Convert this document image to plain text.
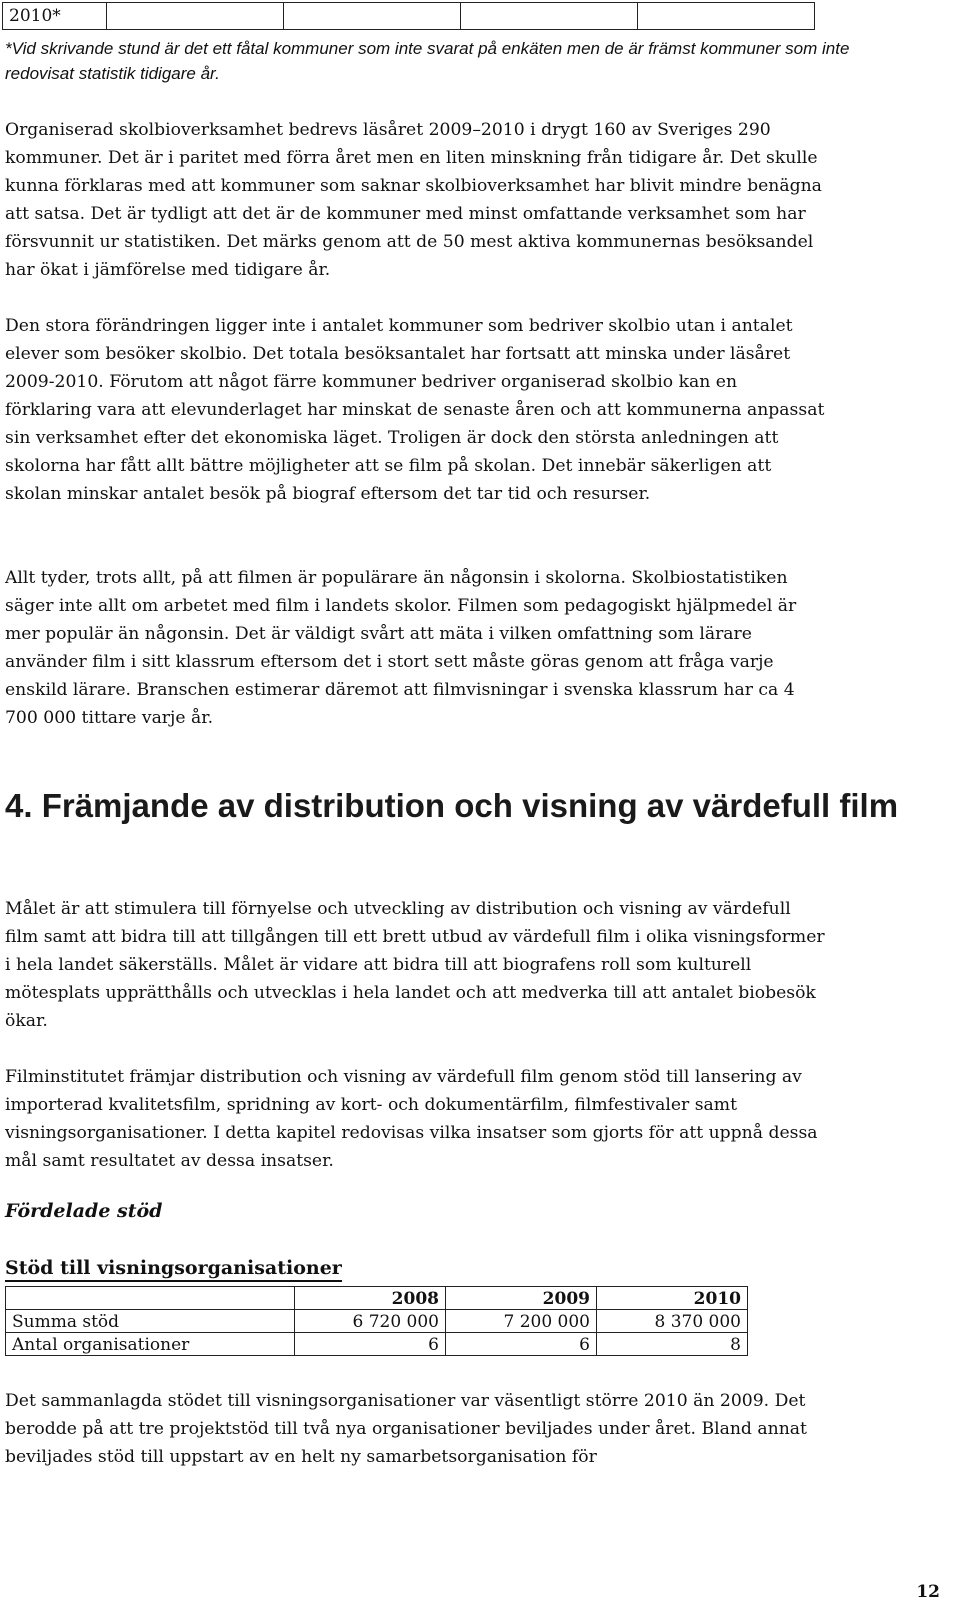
2010*				

*Vid skrivande stund är det ett fåtal kommuner som inte svarat på enkäten men de är främst kommuner som inte redovisat statistik tidigare år.

Organiserad skolbioverksamhet bedrevs läsåret 2009–2010 i drygt 160 av Sveriges 290 kommuner. Det är i paritet med förra året men en liten minskning från tidigare år. Det skulle kunna förklaras med att kommuner som saknar skolbioverksamhet har blivit mindre benägna att satsa. Det är tydligt att det är de kommuner med minst omfattande verksamhet som har försvunnit ur statistiken. Det märks genom att de 50 mest aktiva kommunernas besöksandel har ökat i jämförelse med tidigare år.

Den stora förändringen ligger inte i antalet kommuner som bedriver skolbio utan i antalet elever som besöker skolbio. Det totala besöksantalet har fortsatt att minska under läsåret 2009-2010. Förutom att något färre kommuner bedriver organiserad skolbio kan en förklaring vara att elevunderlaget har minskat de senaste åren och att kommunerna anpassat sin verksamhet efter det ekonomiska läget. Troligen är dock den största anledningen att skolorna har fått allt bättre möjligheter att se film på skolan. Det innebär säkerligen att skolan minskar antalet besök på biograf eftersom det tar tid och resurser.

Allt tyder, trots allt, på att filmen är populärare än någonsin i skolorna. Skolbiostatistiken säger inte allt om arbetet med film i landets skolor. Filmen som pedagogiskt hjälpmedel är mer populär än någonsin. Det är väldigt svårt att mäta i vilken omfattning som lärare använder film i sitt klassrum eftersom det i stort sett måste göras genom att fråga varje enskild lärare. Branschen estimerar däremot att filmvisningar i svenska klassrum har ca 4 700 000 tittare varje år.

4. Främjande av distribution och visning av värdefull film

Målet är att stimulera till förnyelse och utveckling av distribution och visning av värdefull film samt att bidra till att tillgången till ett brett utbud av värdefull film i olika visningsformer i hela landet säkerställs. Målet är vidare att bidra till att biografens roll som kulturell mötesplats upprätthålls och utvecklas i hela landet och att medverka till att antalet biobesök ökar.

Filminstitutet främjar distribution och visning av värdefull film genom stöd till lansering av importerad kvalitetsfilm, spridning av kort- och dokumentärfilm, filmfestivaler samt visningsorganisationer. I detta kapitel redovisas vilka insatser som gjorts för att uppnå dessa mål samt resultatet av dessa insatser.

Fördelade stöd
Stöd till visningsorganisationer
	2008	2009	2010
Summa stöd	6 720 000	7 200 000	8 370 000
Antal organisationer	6	6	8

Det sammanlagda stödet till visningsorganisationer var väsentligt större 2010 än 2009. Det berodde på att tre projektstöd till två nya organisationer beviljades under året. Bland annat beviljades stöd till uppstart av en helt ny samarbetsorganisation för

12
